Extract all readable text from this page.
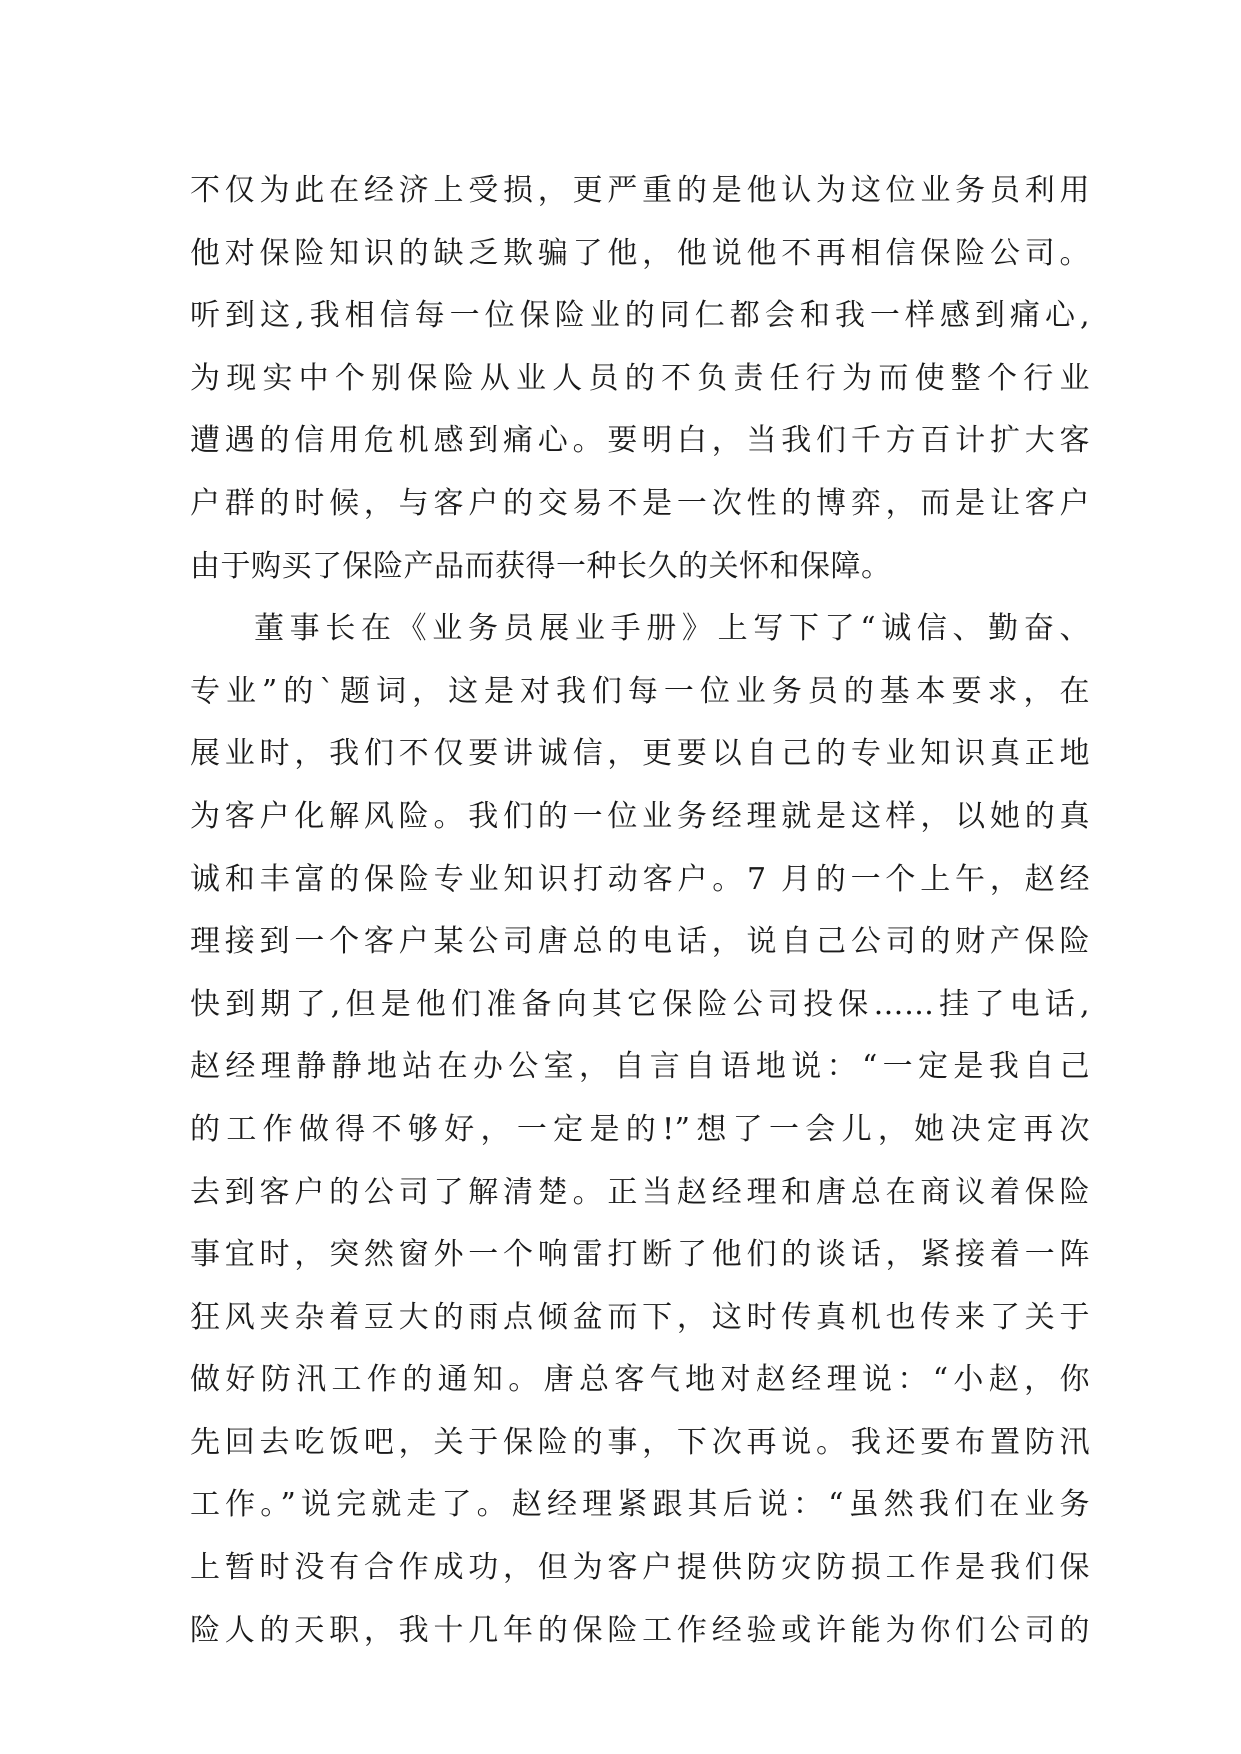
不仅为此在经济上受损，更严重的是他认为这位业务员利用
他对保险知识的缺乏欺骗了他，他说他不再相信保险公司。
听到这,我相信每一位保险业的同仁都会和我一样感到痛心,
为现实中个别保险从业人员的不负责任行为而使整个行业
遭遇的信用危机感到痛心。要明白，当我们千方百计扩大客
户群的时候，与客户的交易不是一次性的博弈，而是让客户
由于购买了保险产品而获得一种长久的关怀和保障。
董事长在《业务员展业手册》上写下了“诚信、勤奋、
专业”的`题词，这是对我们每一位业务员的基本要求，在
展业时，我们不仅要讲诚信，更要以自己的专业知识真正地
为客户化解风险。我们的一位业务经理就是这样，以她的真
诚和丰富的保险专业知识打动客户。7 月的一个上午，赵经
理接到一个客户某公司唐总的电话，说自己公司的财产保险
快到期了,但是他们准备向其它保险公司投保……挂了电话,
赵经理静静地站在办公室，自言自语地说：“一定是我自己
的工作做得不够好，一定是的!”想了一会儿，她决定再次
去到客户的公司了解清楚。正当赵经理和唐总在商议着保险
事宜时，突然窗外一个响雷打断了他们的谈话，紧接着一阵
狂风夹杂着豆大的雨点倾盆而下，这时传真机也传来了关于
做好防汛工作的通知。唐总客气地对赵经理说：“小赵，你
先回去吃饭吧，关于保险的事，下次再说。我还要布置防汛
工作。”说完就走了。赵经理紧跟其后说：“虽然我们在业务
上暂时没有合作成功，但为客户提供防灾防损工作是我们保
险人的天职，我十几年的保险工作经验或许能为你们公司的
